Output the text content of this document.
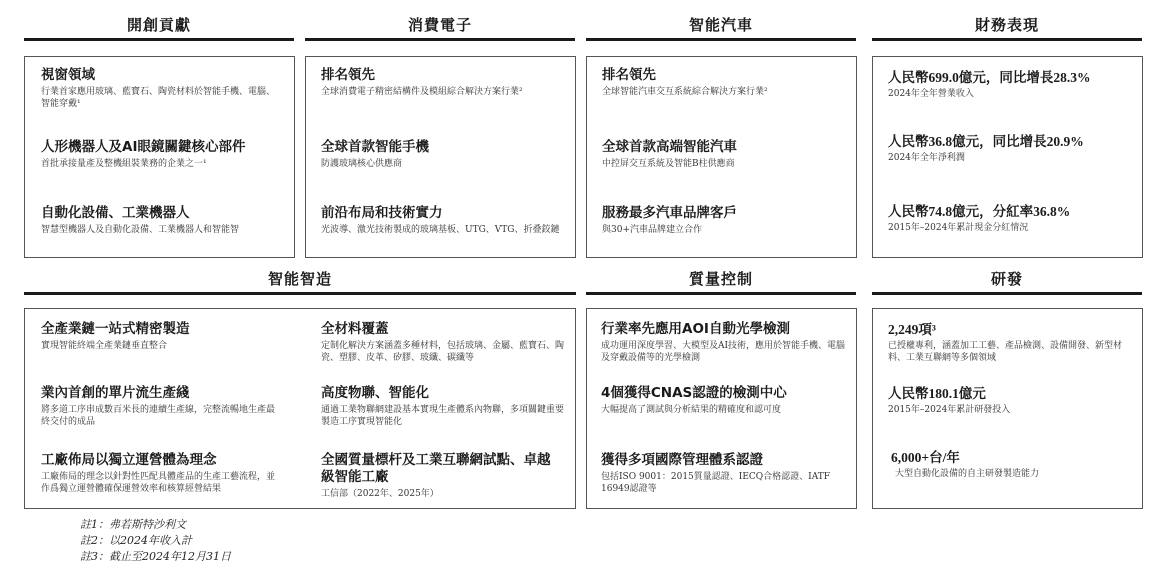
開創貢獻	消費電子	智能汽車	財務表現
視窗領域
行業首家應用玻璃、藍寶石、陶瓷材料於智能手機、電腦、智能穿戴¹
人形機器人及AI眼鏡關鍵核心部件
首批承接量產及整機組裝業務的企業之一¹
自動化設備、工業機器人
智慧型機器人及自動化設備、工業機器人和智能智
排名領先
全球消費電子精密結構件及模組綜合解決方案行業²
全球首款智能手機
防護玻璃核心供應商
前沿布局和技術實力
光波導、激光技術製成的玻璃基板、UTG、VTG、折叠鉸鏈
排名領先
全球智能汽車交互系統綜合解決方案行業²
全球首款高端智能汽車
中控屏交互系統及智能B柱供應商
服務最多汽車品牌客戶
與30+汽車品牌建立合作
人民幣699.0億元，同比增長28.3%
2024年全年營業收入
人民幣36.8億元，同比增長20.9%
2024年全年淨利潤
人民幣74.8億元，分紅率36.8%
2015年–2024年累計現金分紅情況
智能智造	質量控制	研發
全產業鏈一站式精密製造
實現智能終端全產業鏈垂直整合
全材料覆蓋
定制化解決方案涵蓋多種材料，包括玻璃、金屬、藍寶石、陶瓷、塑膠、皮革、矽膠、玻纖、碳纖等
業內首創的單片流生產綫
將多道工序串成數百米長的連續生產線，完整流暢地生產最終交付的成品
高度物聯、智能化
通過工業物聯網建設基本實現生產體系內物聯，多項關鍵重要製造工序實現智能化
工廠佈局以獨立運營體為理念
工廠佈局的理念以針對性匹配具體產品的生產工藝流程，並作爲獨立運營體確保運營效率和核算經營結果
全國質量標杆及工業互聯網試點、卓越級智能工廠
工信部（2022年、2025年）
行業率先應用AOI自動光學檢測
成功運用深度學習、大模型及AI技術，應用於智能手機、電腦及穿戴設備等的光學檢測
4個獲得CNAS認證的檢測中心
大幅提高了測試與分析結果的精確度和認可度
獲得多項國際管理體系認證
包括ISO 9001：2015質量認證、IECQ合格認證、IATF 16949認證等
2,249項³
已授權專利，涵蓋加工工藝、產品檢測、設備開發、新型材料、工業互聯網等多個領域
人民幣180.1億元
2015年–2024年累計研發投入
6,000+台/年
大型自動化設備的自主研發製造能力
註1：弗若斯特沙利文
註2：以2024年收入計
註3：截止至2024年12月31日
